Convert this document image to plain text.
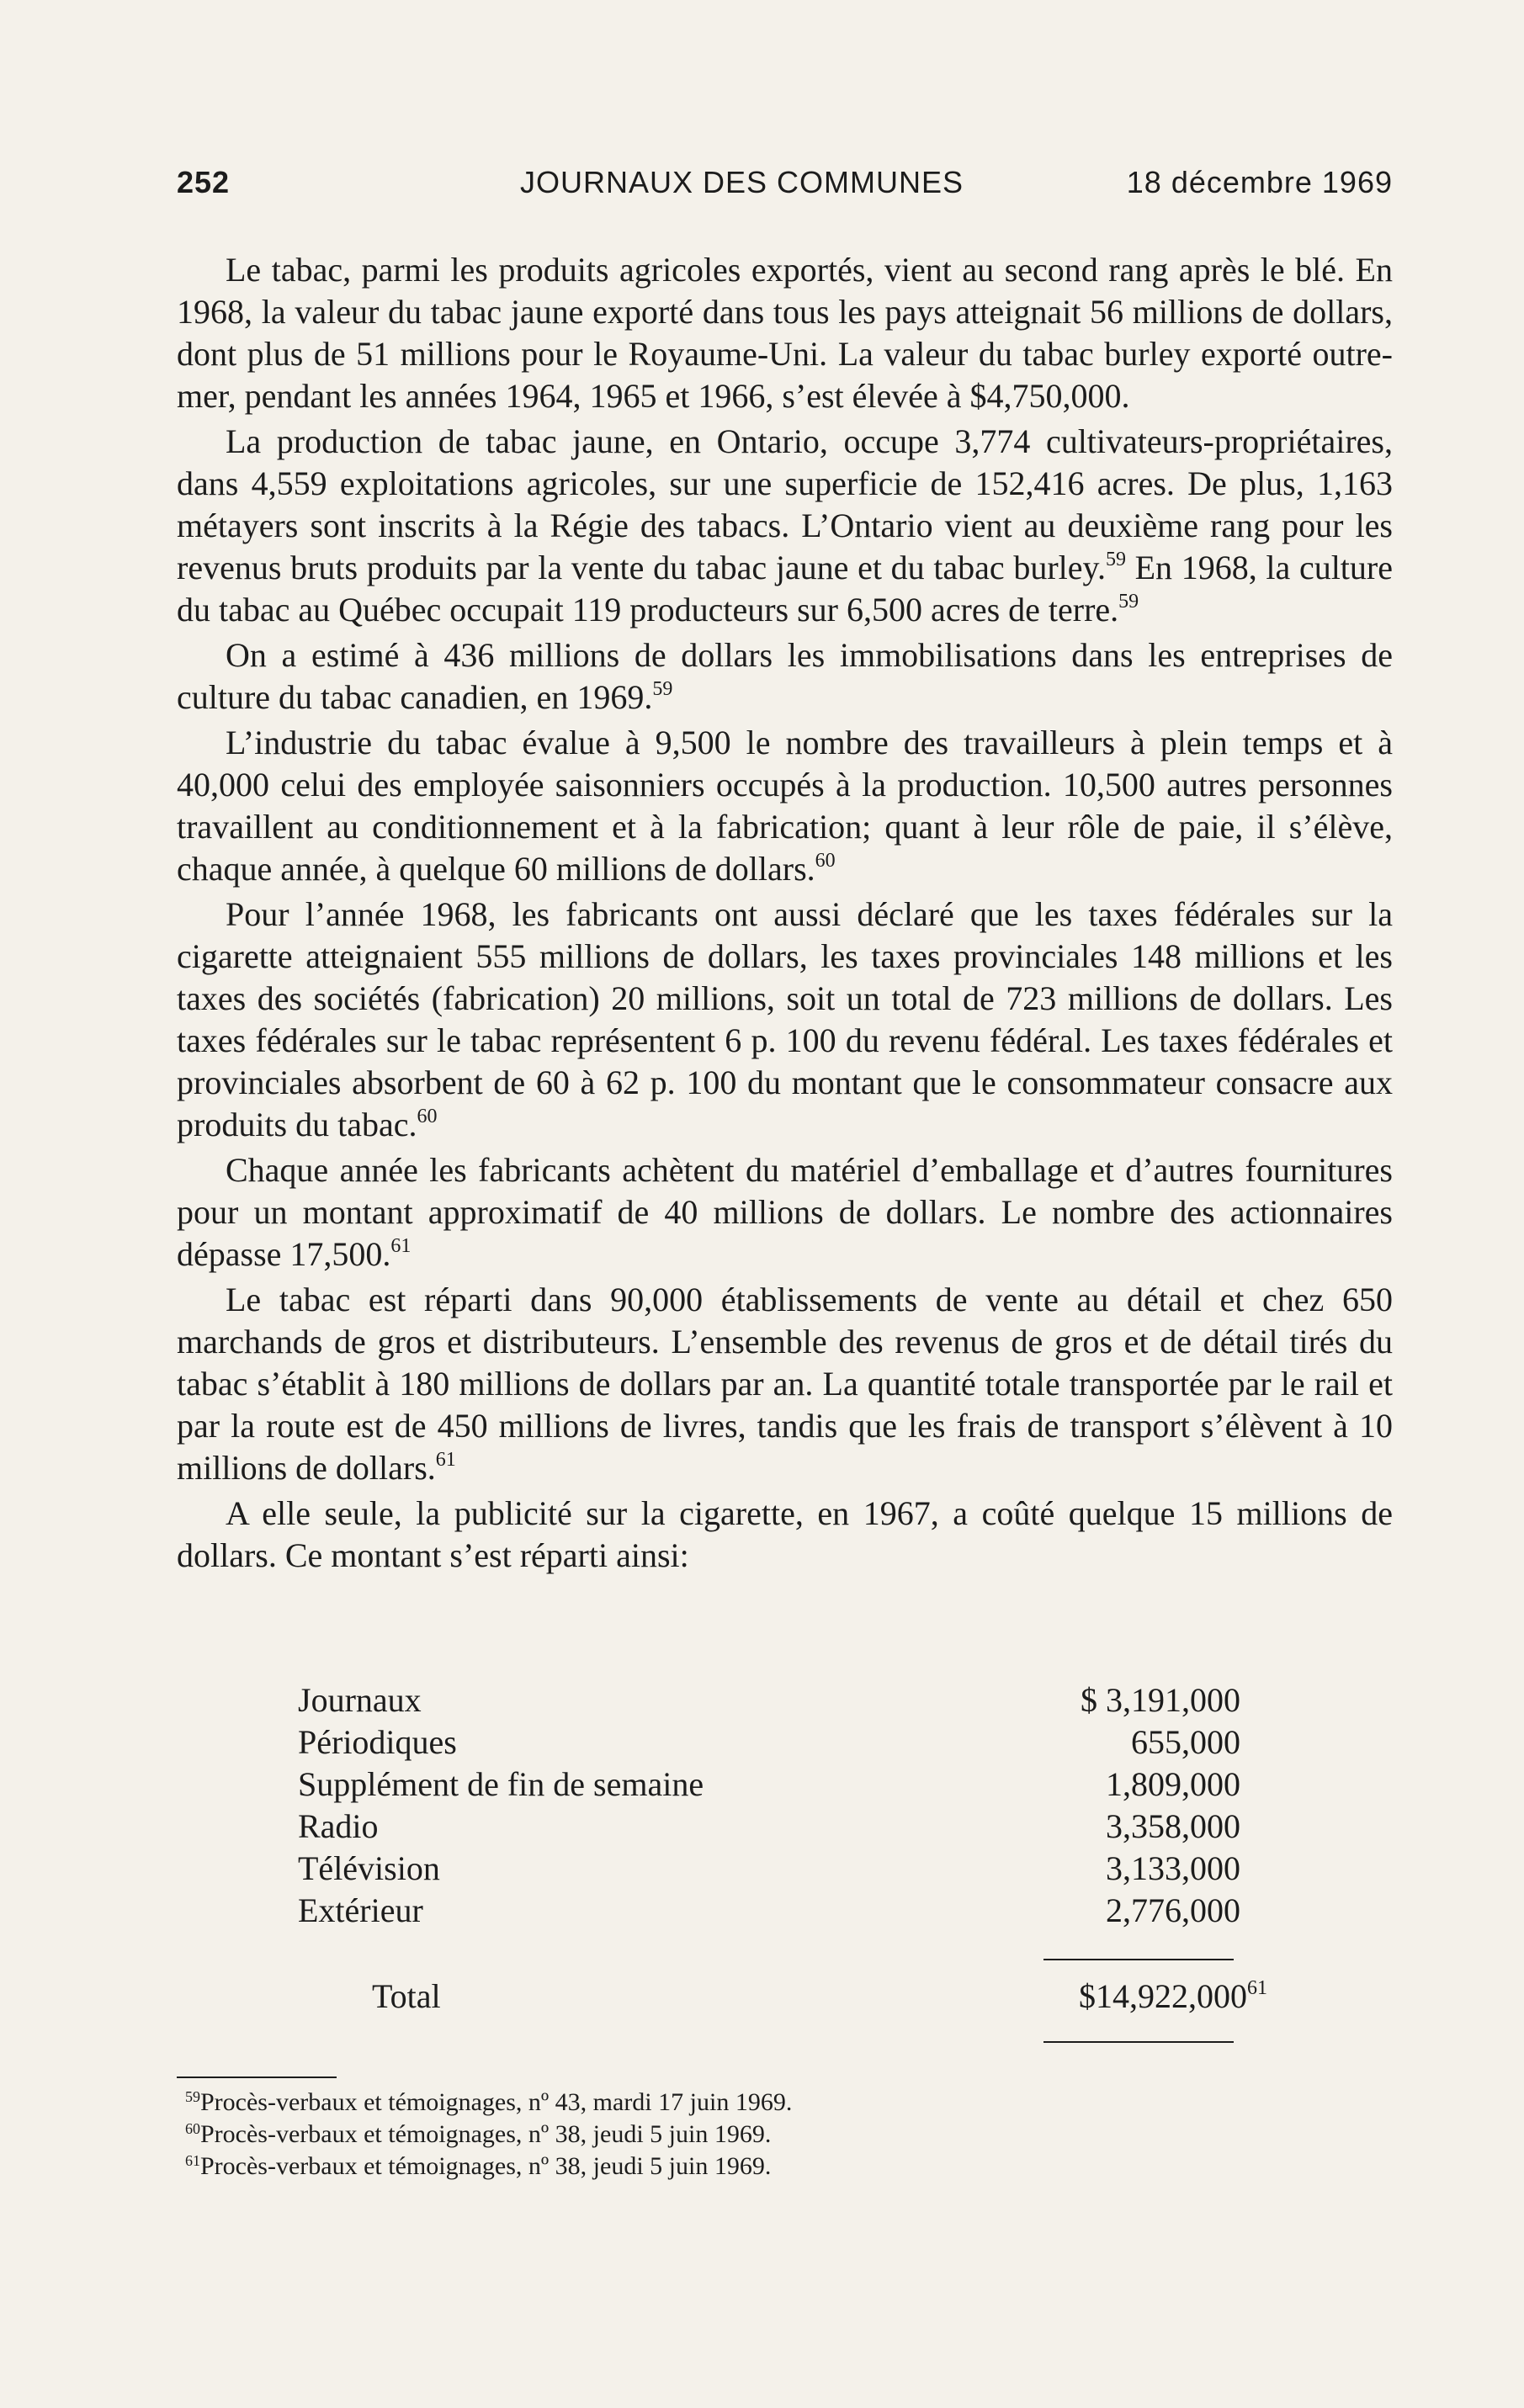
252	JOURNAUX DES COMMUNES	18 décembre 1969

Le tabac, parmi les produits agricoles exportés, vient au second rang après le blé. En 1968, la valeur du tabac jaune exporté dans tous les pays atteignait 56 millions de dollars, dont plus de 51 millions pour le Royaume-Uni. La valeur du tabac burley exporté outre-mer, pendant les années 1964, 1965 et 1966, s’est élevée à $4,750,000.

La production de tabac jaune, en Ontario, occupe 3,774 cultivateurs-propriétaires, dans 4,559 exploitations agricoles, sur une superficie de 152,416 acres. De plus, 1,163 métayers sont inscrits à la Régie des tabacs. L’Ontario vient au deuxième rang pour les revenus bruts produits par la vente du tabac jaune et du tabac burley.$^{59}$ En 1968, la culture du tabac au Québec occupait 119 producteurs sur 6,500 acres de terre.$^{59}$

On a estimé à 436 millions de dollars les immobilisations dans les entreprises de culture du tabac canadien, en 1969.59

L’industrie du tabac évalue à 9,500 le nombre des travailleurs à plein temps et à 40,000 celui des employée saisonniers occupés à la production. 10,500 autres personnes travaillent au conditionnement et à la fabrication; quant à leur rôle de paie, il s’élève, chaque année, à quelque 60 millions de dollars.$^{60}$

Pour l’année 1968, les fabricants ont aussi déclaré que les taxes fédérales sur la cigarette atteignaient 555 millions de dollars, les taxes provinciales 148 millions et les taxes des sociétés (fabrication) 20 millions, soit un total de 723 millions de dollars. Les taxes fédérales sur le tabac représentent 6 p. 100 du revenu fédéral. Les taxes fédérales et provinciales absorbent de 60 à 62 p. 100 du montant que le consommateur consacre aux produits du tabac.$^{60}$

Chaque année les fabricants achètent du matériel d’emballage et d’autres fournitures pour un montant approximatif de 40 millions de dollars. Le nombre des actionnaires dépasse 17,500.61

Le tabac est réparti dans 90,000 établissements de vente au détail et chez 650 marchands de gros et distributeurs. L’ensemble des revenus de gros et de détail tirés du tabac s’établit à 180 millions de dollars par an. La quantité totale transportée par le rail et par la route est de 450 millions de livres, tandis que les frais de transport s’élèvent à 10 millions de dollars.$^{61}$

A elle seule, la publicité sur la cigarette, en 1967, a coûté quelque 15 millions de dollars. Ce montant s’est réparti ainsi:

Journaux	$ 3,191,000
Périodiques	655,000
Supplément de fin de semaine	1,809,000
Radio	3,358,000
Télévision	3,133,000
Extérieur	2,776,000
Total	$14,922,000$^{61}$
$^{59}$Procès-verbaux et témoignages, nº 43, mardi 17 juin 1969.
$^{60}$Procès-verbaux et témoignages, nº 38, jeudi 5 juin 1969.
$^{61}$Procès-verbaux et témoignages, nº 38, jeudi 5 juin 1969.
